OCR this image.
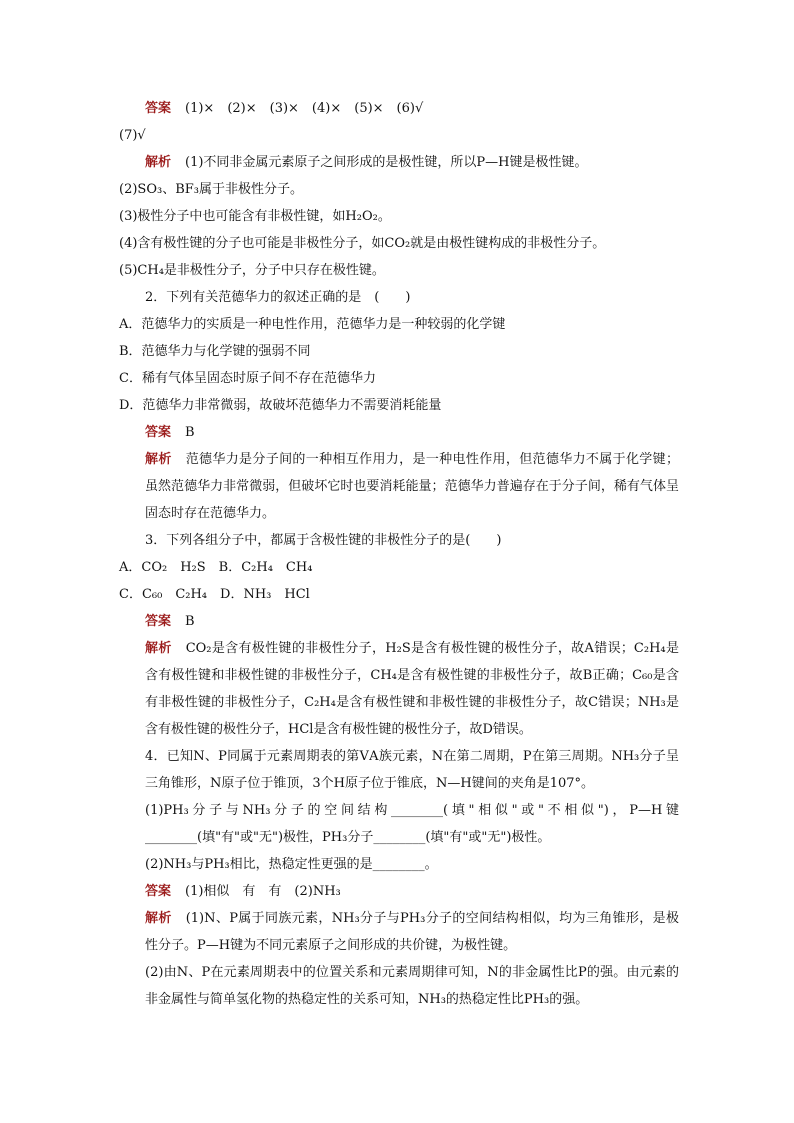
答案 (1)×　(2)×　(3)×　(4)×　(5)×　(6)√
(7)√
解析 (1)不同非金属元素原子之间形成的是极性键，所以P—H键是极性键。
(2)SO₃、BF₃属于非极性分子。
(3)极性分子中也可能含有非极性键，如H₂O₂。
(4)含有极性键的分子也可能是非极性分子，如CO₂就是由极性键构成的非极性分子。
(5)CH₄是非极性分子，分子中只存在极性键。
2．下列有关范德华力的叙述正确的是　(　　)
A．范德华力的实质是一种电性作用，范德华力是一种较弱的化学键
B．范德华力与化学键的强弱不同
C．稀有气体呈固态时原子间不存在范德华力
D．范德华力非常微弱，故破坏范德华力不需要消耗能量
答案 B
解析 范德华力是分子间的一种相互作用力，是一种电性作用，但范德华力不属于化学键；虽然范德华力非常微弱，但破坏它时也要消耗能量；范德华力普遍存在于分子间，稀有气体呈固态时存在范德华力。
3．下列各组分子中，都属于含极性键的非极性分子的是(　　)
A．CO₂　H₂S　B．C₂H₄　CH₄
C．C₆₀　C₂H₄　D．NH₃　HCl
答案 B
解析 CO₂是含有极性键的非极性分子，H₂S是含有极性键的极性分子，故A错误；C₂H₄是含有极性键和非极性键的非极性分子，CH₄是含有极性键的非极性分子，故B正确；C₆₀是含有非极性键的非极性分子，C₂H₄是含有极性键和非极性键的非极性分子，故C错误；NH₃是含有极性键的极性分子，HCl是含有极性键的极性分子，故D错误。
4．已知N、P同属于元素周期表的第ⅤA族元素，N在第二周期，P在第三周期。NH₃分子呈三角锥形，N原子位于锥顶，3个H原子位于锥底，N—H键间的夹角是107°。
(1)PH₃分子与NH₃分子的空间结构________(填"相似"或"不相似")，P—H键________(填"有"或"无")极性，PH₃分子________(填"有"或"无")极性。
(2)NH₃与PH₃相比，热稳定性更强的是________。
答案 (1)相似　有　有　(2)NH₃
解析 (1)N、P属于同族元素，NH₃分子与PH₃分子的空间结构相似，均为三角锥形，是极性分子。P—H键为不同元素原子之间形成的共价键，为极性键。
(2)由N、P在元素周期表中的位置关系和元素周期律可知，N的非金属性比P的强。由元素的非金属性与简单氢化物的热稳定性的关系可知，NH₃的热稳定性比PH₃的强。
